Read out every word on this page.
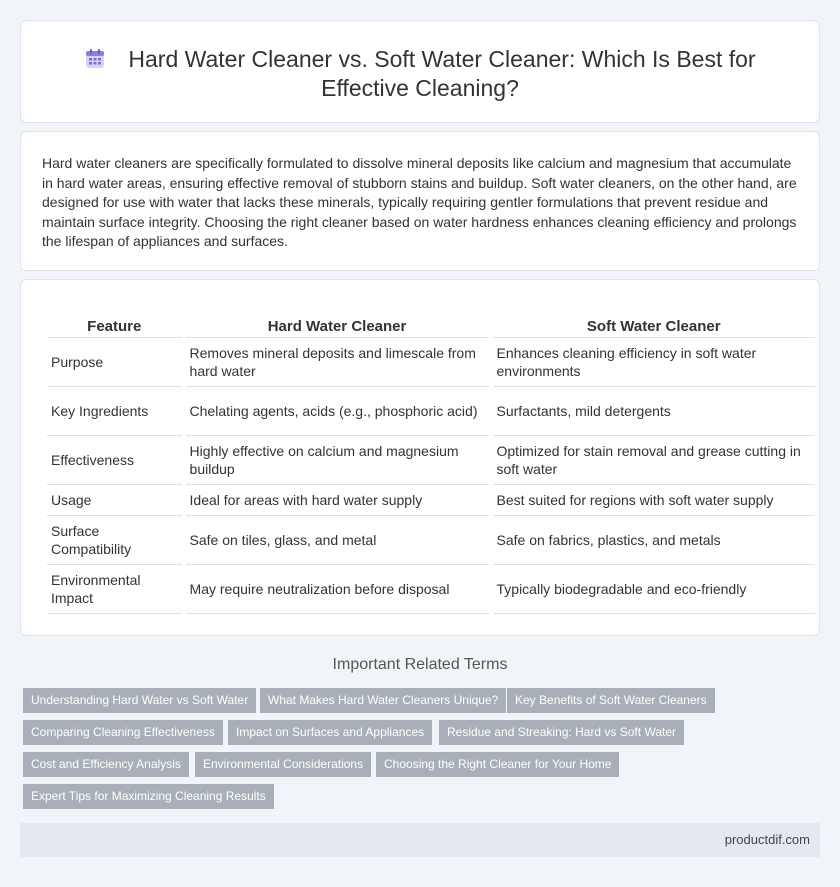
Hard Water Cleaner vs. Soft Water Cleaner: Which Is Best for Effective Cleaning?

Hard water cleaners are specifically formulated to dissolve mineral deposits like calcium and magnesium that accumulate in hard water areas, ensuring effective removal of stubborn stains and buildup. Soft water cleaners, on the other hand, are designed for use with water that lacks these minerals, typically requiring gentler formulations that prevent residue and maintain surface integrity. Choosing the right cleaner based on water hardness enhances cleaning efficiency and prolongs the lifespan of appliances and surfaces.

Feature	Hard Water Cleaner	Soft Water Cleaner
Purpose	Removes mineral deposits and limescale from hard water	Enhances cleaning efficiency in soft water environments
Key Ingredients	Chelating agents, acids (e.g., phosphoric acid)	Surfactants, mild detergents
Effectiveness	Highly effective on calcium and magnesium buildup	Optimized for stain removal and grease cutting in soft water
Usage	Ideal for areas with hard water supply	Best suited for regions with soft water supply
Surface Compatibility	Safe on tiles, glass, and metal	Safe on fabrics, plastics, and metals
Environmental Impact	May require neutralization before disposal	Typically biodegradable and eco-friendly
Important Related Terms
Understanding Hard Water vs Soft Water	What Makes Hard Water Cleaners Unique?	Key Benefits of Soft Water Cleaners
Comparing Cleaning Effectiveness	Impact on Surfaces and Appliances	Residue and Streaking: Hard vs Soft Water
Cost and Efficiency Analysis	Environmental Considerations	Choosing the Right Cleaner for Your Home
Expert Tips for Maximizing Cleaning Results
productdif.com
